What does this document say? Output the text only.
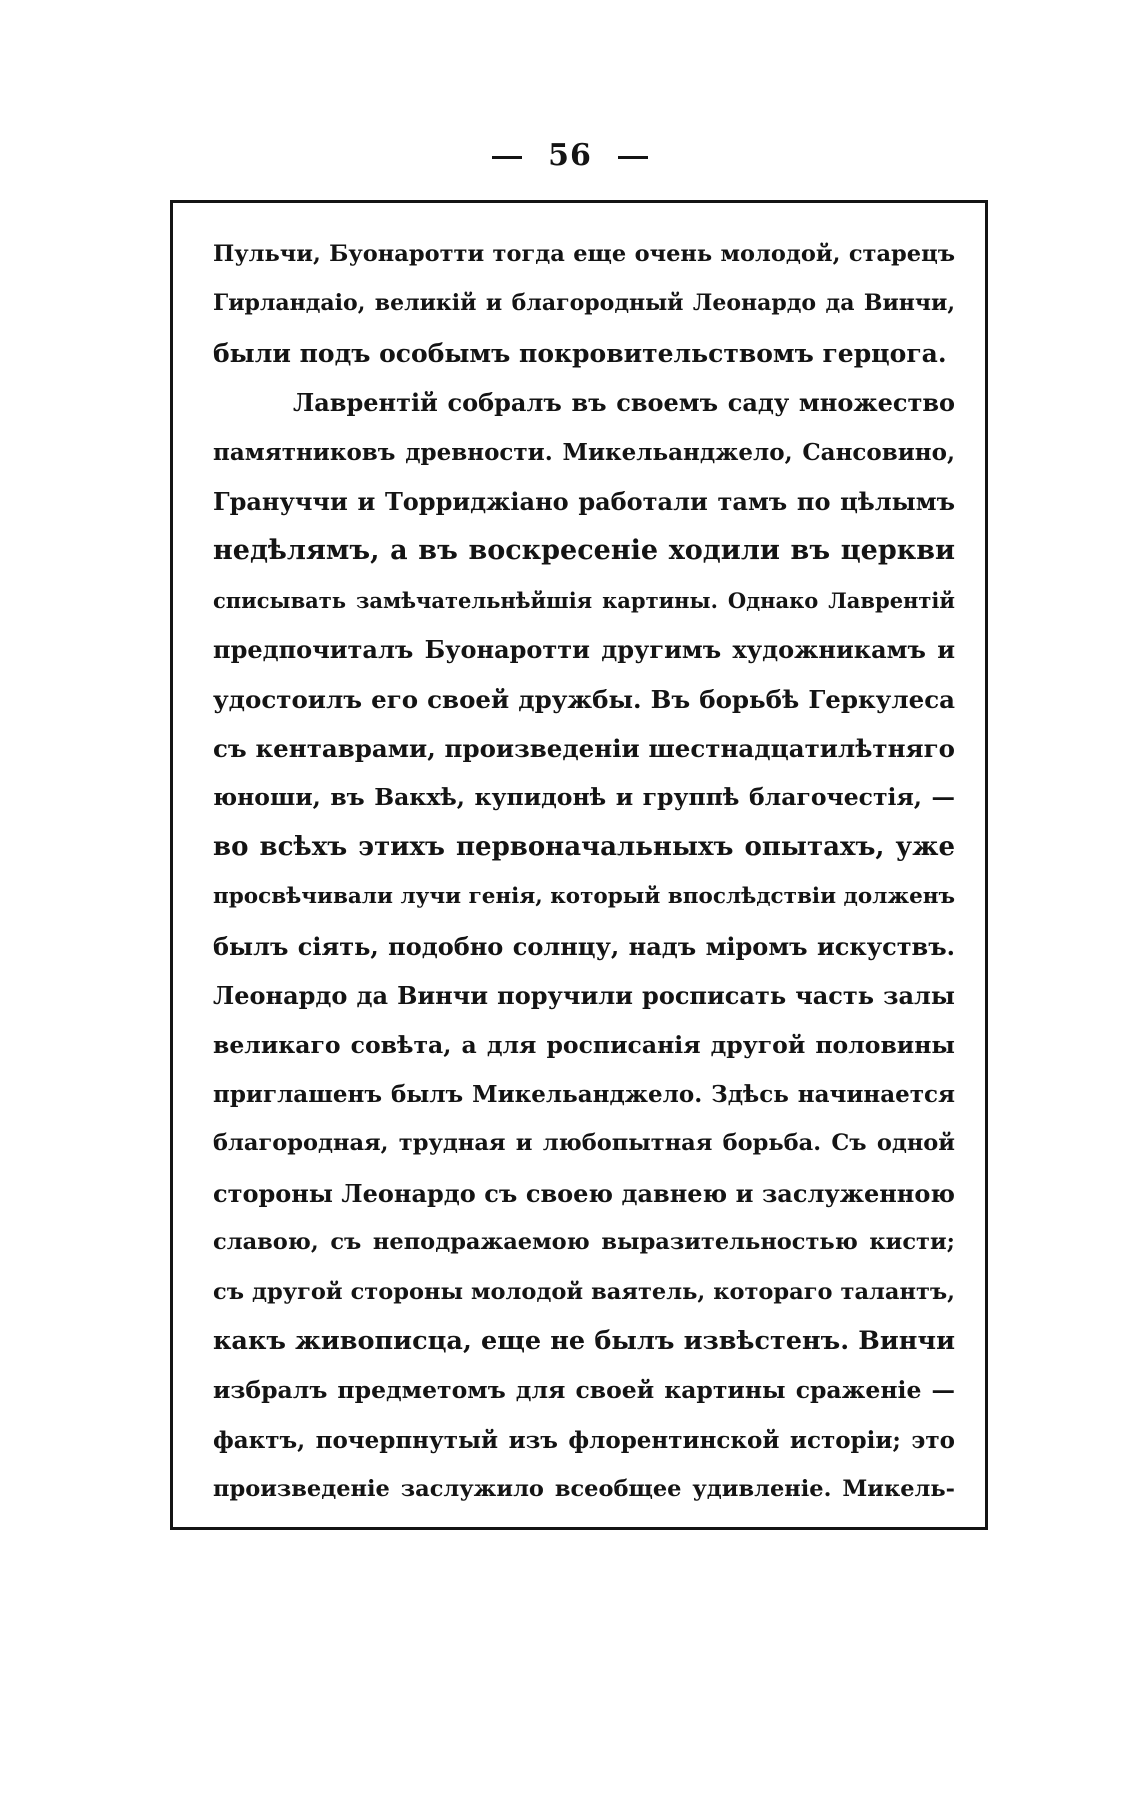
56
Пульчи, Буонаротти тогда еще очень молодой, старецъ
Гирландаіо, великій и благородный Леонардо да Винчи,
были подъ особымъ покровительствомъ герцога.
Лаврентій собралъ въ своемъ саду множество
памятниковъ древности. Микельанджело, Сансовино,
Грануччи и Торриджіано работали тамъ по цѣлымъ
недѣлямъ, а въ воскресеніе ходили въ церкви
списывать замѣчательнѣйшія картины. Однако Лаврентій
предпочиталъ Буонаротти другимъ художникамъ и
удостоилъ его своей дружбы. Въ борьбѣ Геркулеса
съ кентаврами, произведеніи шестнадцатилѣтняго
юноши, въ Вакхѣ, купидонѣ и группѣ благочестія, —
во всѣхъ этихъ первоначальныхъ опытахъ, уже
просвѣчивали лучи генія, который впослѣдствіи долженъ
былъ сіять, подобно солнцу, надъ міромъ искуствъ.
Леонардо да Винчи поручили росписать часть залы
великаго совѣта, а для росписанія другой половины
приглашенъ былъ Микельанджело. Здѣсь начинается
благородная, трудная и любопытная борьба. Съ одной
стороны Леонардо съ своею давнею и заслуженною
славою, съ неподражаемою выразительностью кисти;
съ другой стороны молодой ваятель, котораго талантъ,
какъ живописца, еще не былъ извѣстенъ. Винчи
избралъ предметомъ для своей картины сраженіе —
фактъ, почерпнутый изъ флорентинской исторіи; это
произведеніе заслужило всеобщее удивленіе. Микель-
